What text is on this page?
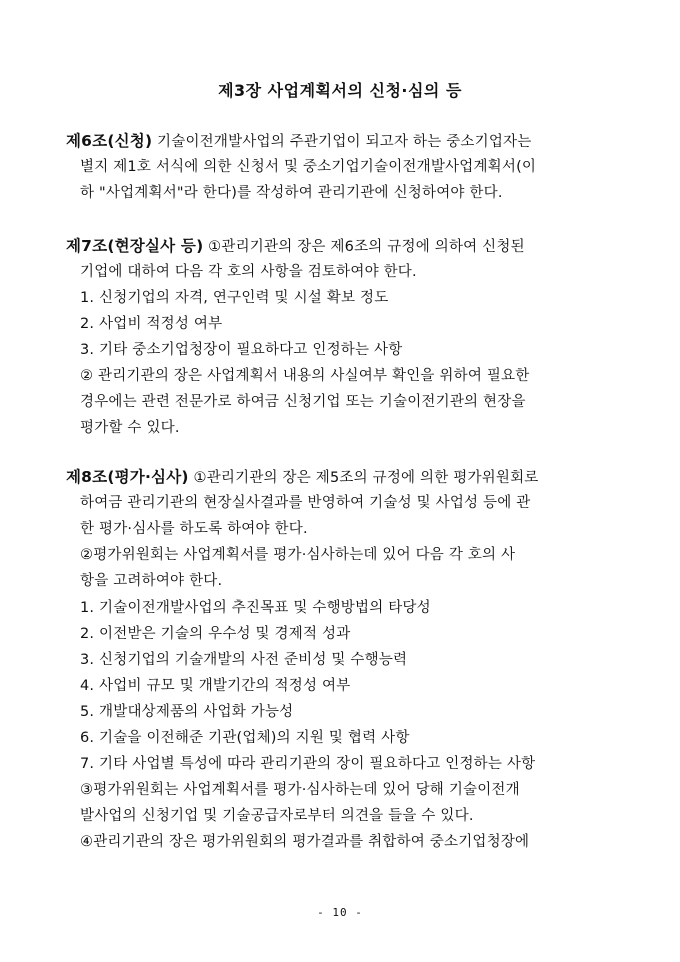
제3장 사업계획서의 신청·심의 등
제6조(신청) 기술이전개발사업의 주관기업이 되고자 하는 중소기업자는
별지 제1호 서식에 의한 신청서 및 중소기업기술이전개발사업계획서(이
하 "사업계획서"라 한다)를 작성하여 관리기관에 신청하여야 한다.
제7조(현장실사 등) ①관리기관의 장은 제6조의 규정에 의하여 신청된
기업에 대하여 다음 각 호의 사항을 검토하여야 한다.
1. 신청기업의 자격, 연구인력 및 시설 확보 정도
2. 사업비 적정성 여부
3. 기타 중소기업청장이 필요하다고 인정하는 사항
② 관리기관의 장은 사업계획서 내용의 사실여부 확인을 위하여 필요한
경우에는 관련 전문가로 하여금 신청기업 또는 기술이전기관의 현장을
평가할 수 있다.
제8조(평가·심사) ①관리기관의 장은 제5조의 규정에 의한 평가위원회로
하여금 관리기관의 현장실사결과를 반영하여 기술성 및 사업성 등에 관
한 평가·심사를 하도록 하여야 한다.
②평가위원회는 사업계획서를 평가·심사하는데 있어 다음 각 호의 사
항을 고려하여야 한다.
1. 기술이전개발사업의 추진목표 및 수행방법의 타당성
2. 이전받은 기술의 우수성 및 경제적 성과
3. 신청기업의 기술개발의 사전 준비성 및 수행능력
4. 사업비 규모 및 개발기간의 적정성 여부
5. 개발대상제품의 사업화 가능성
6. 기술을 이전해준 기관(업체)의 지원 및 협력 사항
7. 기타 사업별 특성에 따라 관리기관의 장이 필요하다고 인정하는 사항
③평가위원회는 사업계획서를 평가·심사하는데 있어 당해 기술이전개
발사업의 신청기업 및 기술공급자로부터 의견을 들을 수 있다.
④관리기관의 장은 평가위원회의 평가결과를 취합하여 중소기업청장에
- 10 -
